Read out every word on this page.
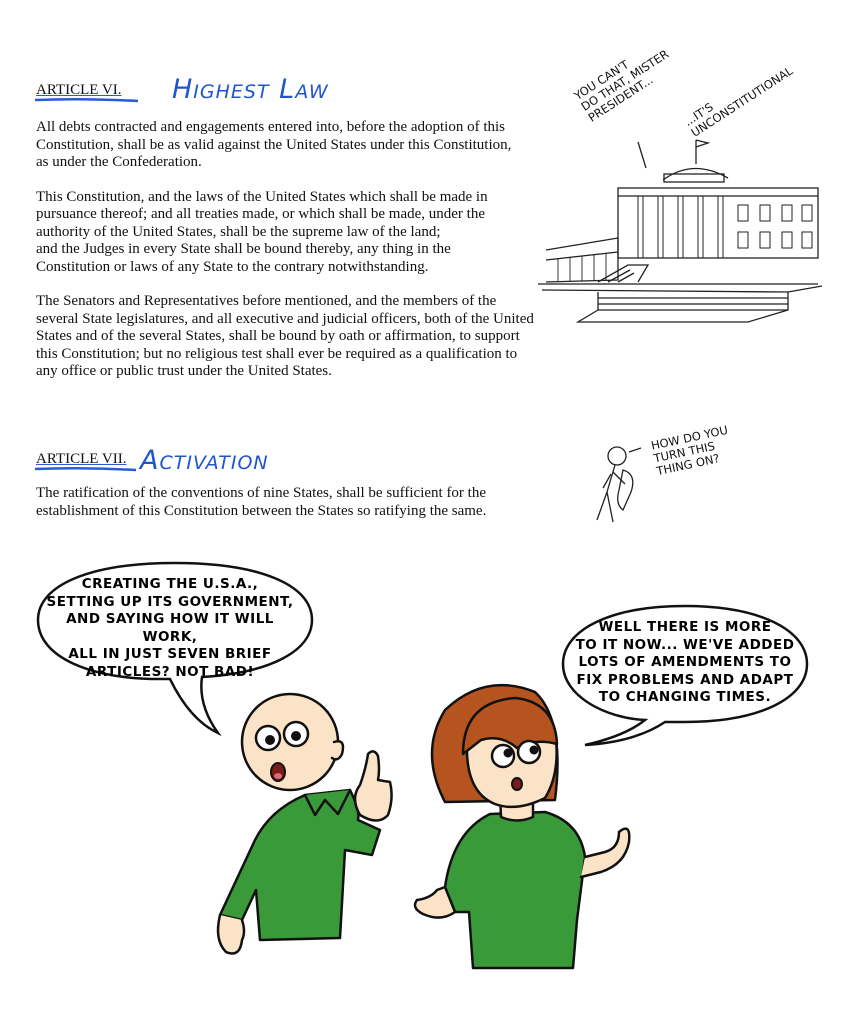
ARTICLE VI. Highest Law

All debts contracted and engagements entered into, before the adoption of this
Constitution, shall be as valid against the United States under this Constitution,
as under the Confederation.

This Constitution, and the laws of the United States which shall be made in
pursuance thereof; and all treaties made, or which shall be made, under the
authority of the United States, shall be the supreme law of the land;
and the Judges in every State shall be bound thereby, any thing in the
Constitution or laws of any State to the contrary notwithstanding.

The Senators and Representatives before mentioned, and the members of the
several State legislatures, and all executive and judicial officers, both of the United
States and of the several States, shall be bound by oath or affirmation, to support
this Constitution; but no religious test shall ever be required as a qualification to
any office or public trust under the United States.

YOU CAN'T
DO THAT, MISTER
PRESIDENT...	...IT'S
UNCONSTITUTIONAL
ARTICLE VII. Activation

The ratification of the conventions of nine States, shall be sufficient for the
establishment of this Constitution between the States so ratifying the same.

HOW DO YOU
TURN THIS
THING ON?
CREATING THE U.S.A.,
SETTING UP ITS GOVERNMENT,
AND SAYING HOW IT WILL WORK,
ALL IN JUST SEVEN BRIEF
ARTICLES? NOT BAD!
WELL THERE IS MORE
TO IT NOW... WE'VE ADDED
LOTS OF AMENDMENTS TO
FIX PROBLEMS AND ADAPT
TO CHANGING TIMES.
